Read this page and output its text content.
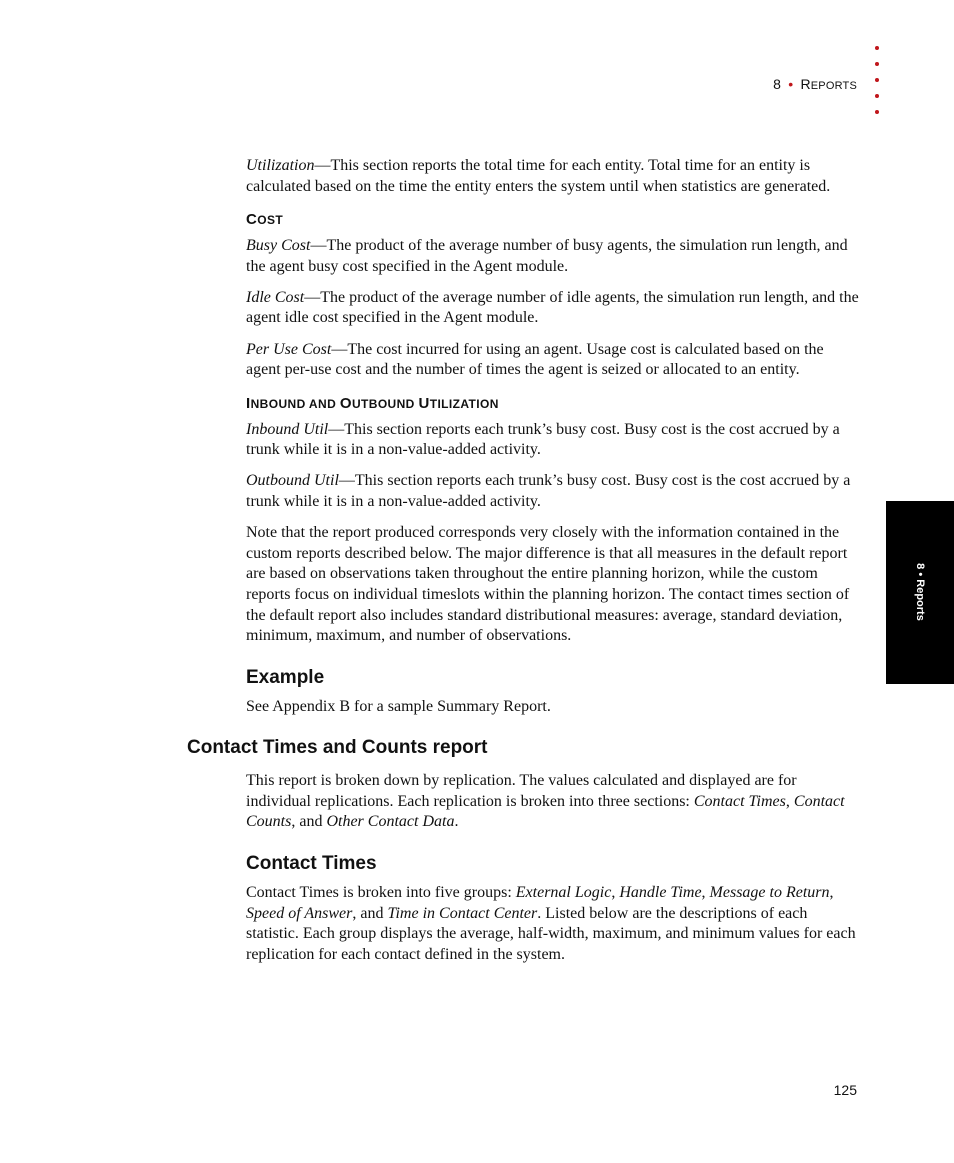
8 • REPORTS

Utilization—This section reports the total time for each entity. Total time for an entity is calculated based on the time the entity enters the system until when statistics are generated.

COST

Busy Cost—The product of the average number of busy agents, the simulation run length, and the agent busy cost specified in the Agent module.

Idle Cost—The product of the average number of idle agents, the simulation run length, and the agent idle cost specified in the Agent module.

Per Use Cost—The cost incurred for using an agent. Usage cost is calculated based on the agent per-use cost and the number of times the agent is seized or allocated to an entity.

INBOUND AND OUTBOUND UTILIZATION

Inbound Util—This section reports each trunk’s busy cost. Busy cost is the cost accrued by a trunk while it is in a non-value-added activity.

Outbound Util—This section reports each trunk’s busy cost. Busy cost is the cost accrued by a trunk while it is in a non-value-added activity.

Note that the report produced corresponds very closely with the information contained in the custom reports described below. The major difference is that all measures in the default report are based on observations taken throughout the entire planning horizon, while the custom reports focus on individual timeslots within the planning horizon. The contact times section of the default report also includes standard distributional measures: average, standard deviation, minimum, maximum, and number of observations.

Example

See Appendix B for a sample Summary Report.

Contact Times and Counts report

This report is broken down by replication. The values calculated and displayed are for individual replications. Each replication is broken into three sections: Contact Times, Contact Counts, and Other Contact Data.

Contact Times

Contact Times is broken into five groups: External Logic, Handle Time, Message to Return, Speed of Answer, and Time in Contact Center. Listed below are the descriptions of each statistic. Each group displays the average, half-width, maximum, and minimum values for each replication for each contact defined in the system.

8 • Reports
125
